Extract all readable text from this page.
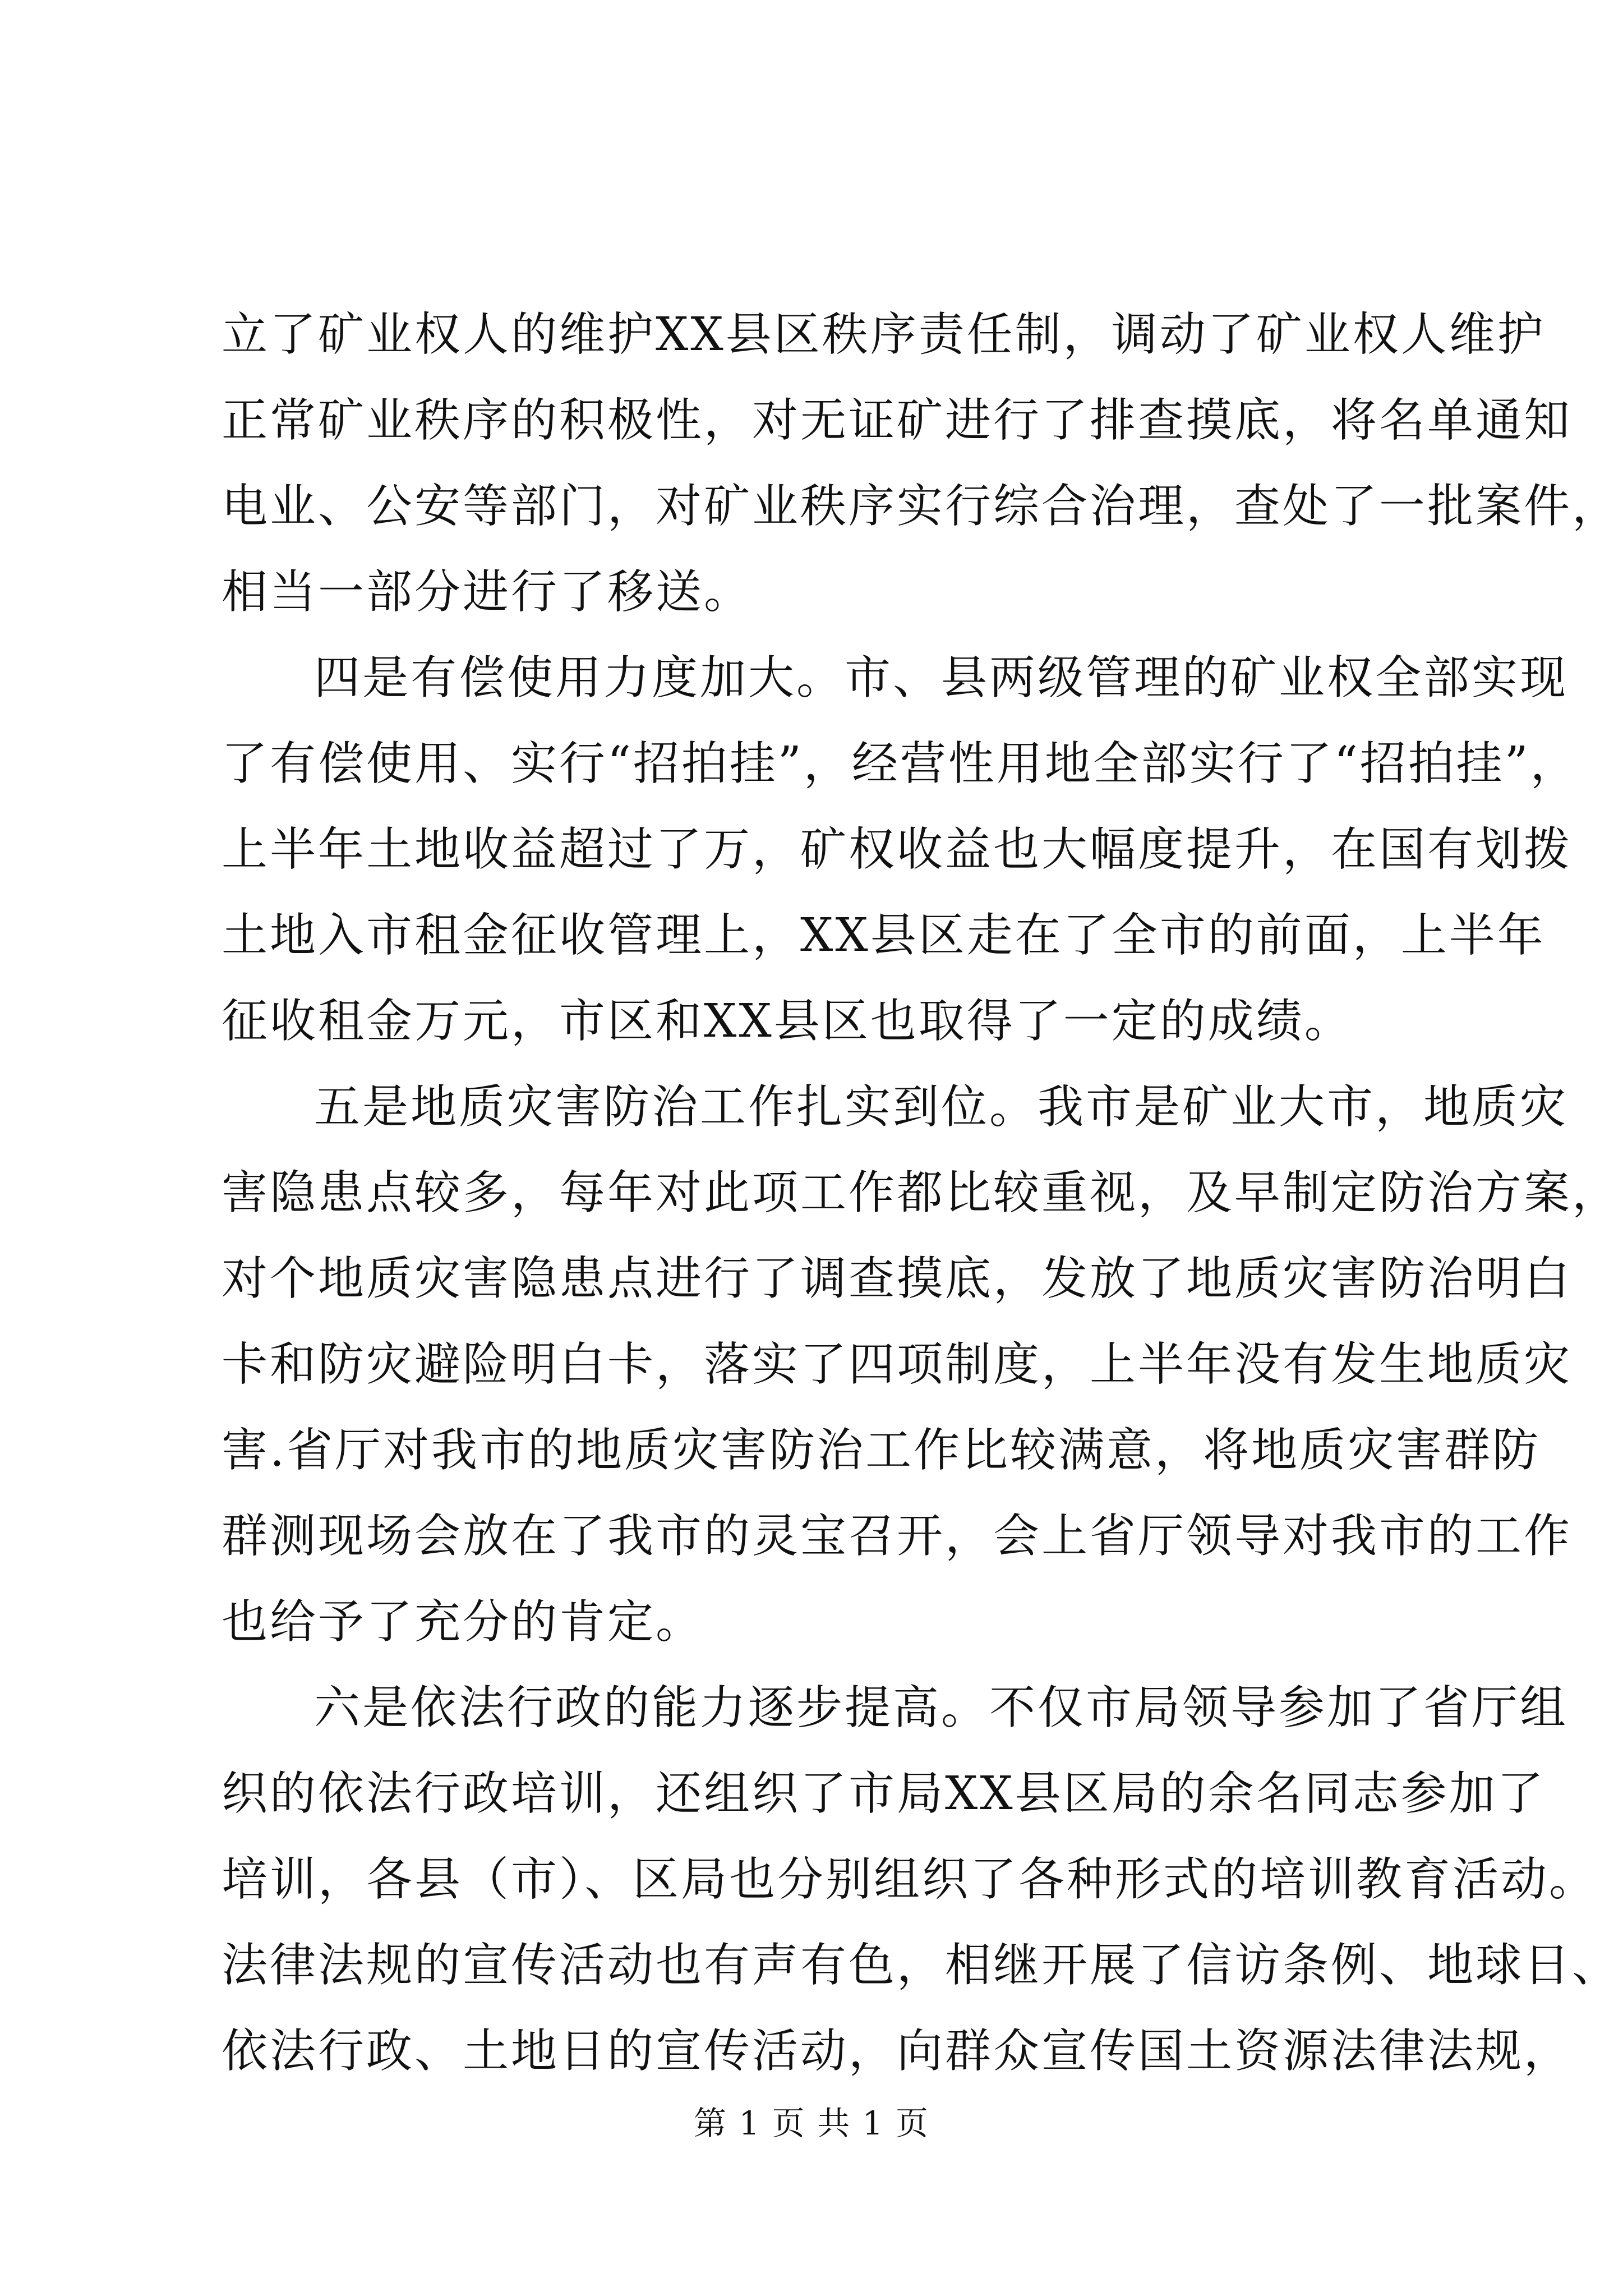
立了矿业权人的维护XX县区秩序责任制，调动了矿业权人维护
正常矿业秩序的积极性，对无证矿进行了排查摸底，将名单通知
电业、公安等部门，对矿业秩序实行综合治理，查处了一批案件，
相当一部分进行了移送。
四是有偿使用力度加大。市、县两级管理的矿业权全部实现
了有偿使用、实行“招拍挂”，经营性用地全部实行了“招拍挂”，
上半年土地收益超过了万，矿权收益也大幅度提升，在国有划拨
土地入市租金征收管理上，XX县区走在了全市的前面，上半年
征收租金万元，市区和XX县区也取得了一定的成绩。
五是地质灾害防治工作扎实到位。我市是矿业大市，地质灾
害隐患点较多，每年对此项工作都比较重视，及早制定防治方案，
对个地质灾害隐患点进行了调查摸底，发放了地质灾害防治明白
卡和防灾避险明白卡，落实了四项制度，上半年没有发生地质灾
害.省厅对我市的地质灾害防治工作比较满意，将地质灾害群防
群测现场会放在了我市的灵宝召开，会上省厅领导对我市的工作
也给予了充分的肯定。
六是依法行政的能力逐步提高。不仅市局领导参加了省厅组
织的依法行政培训，还组织了市局XX县区局的余名同志参加了
培训，各县（市）、区局也分别组织了各种形式的培训教育活动。
法律法规的宣传活动也有声有色，相继开展了信访条例、地球日、
依法行政、土地日的宣传活动，向群众宣传国土资源法律法规，
第 1 页 共 1 页
